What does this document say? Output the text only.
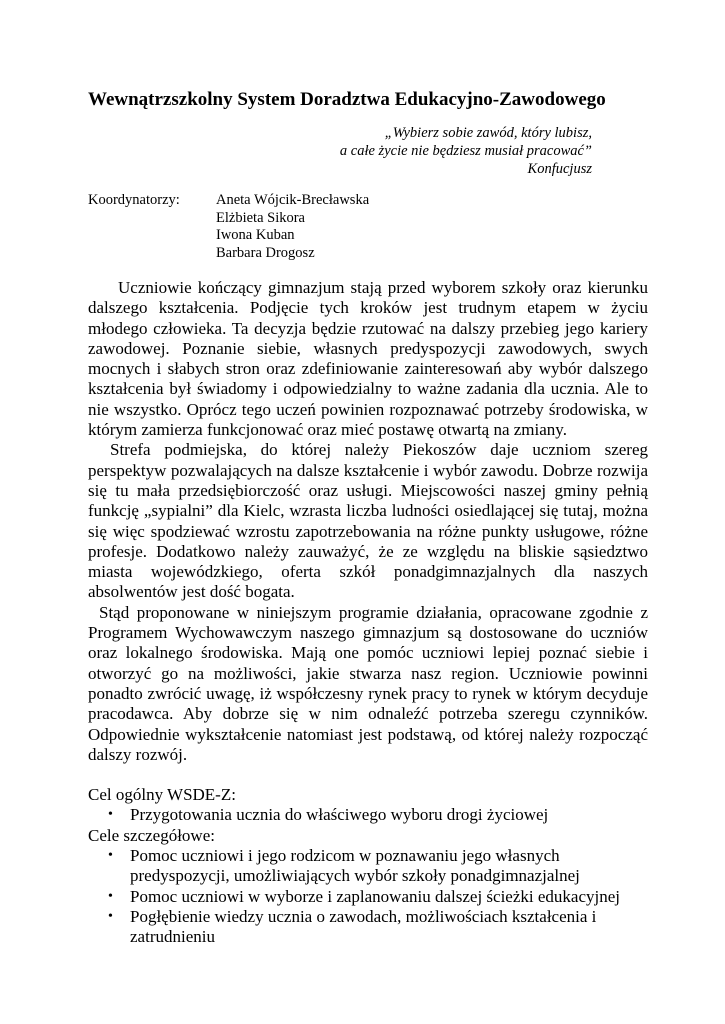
Wewnątrzszkolny System Doradztwa Edukacyjno-Zawodowego
„Wybierz sobie zawód, który lubisz,
a całe życie nie będziesz musiał pracować”
Konfucjusz
Koordynatorzy: Aneta Wójcik-Brecławska
Elżbieta Sikora
Iwona Kuban
Barbara Drogosz

Uczniowie kończący gimnazjum stają przed wyborem szkoły oraz kierunku dalszego kształcenia. Podjęcie tych kroków jest trudnym etapem w życiu młodego człowieka. Ta decyzja będzie rzutować na dalszy przebieg jego kariery zawodowej. Poznanie siebie, własnych predyspozycji zawodowych, swych mocnych i słabych stron oraz zdefiniowanie zainteresowań aby wybór dalszego kształcenia był świadomy i odpowiedzialny to ważne zadania dla ucznia. Ale to nie wszystko. Oprócz tego uczeń powinien rozpoznawać potrzeby środowiska, w którym zamierza funkcjonować oraz mieć postawę otwartą na zmiany.

Strefa podmiejska, do której należy Piekoszów daje uczniom szereg perspektyw pozwalających na dalsze kształcenie i wybór zawodu. Dobrze rozwija się tu mała przedsiębiorczość oraz usługi. Miejscowości naszej gminy pełnią funkcję „sypialni” dla Kielc, wzrasta liczba ludności osiedlającej się tutaj, można się więc spodziewać wzrostu zapotrzebowania na różne punkty usługowe, różne profesje. Dodatkowo należy zauważyć, że ze względu na bliskie sąsiedztwo miasta wojewódzkiego, oferta szkół ponadgimnazjalnych dla naszych absolwentów jest dość bogata.

Stąd proponowane w niniejszym programie działania, opracowane zgodnie z Programem Wychowawczym naszego gimnazjum są dostosowane do uczniów oraz lokalnego środowiska. Mają one pomóc uczniowi lepiej poznać siebie i otworzyć go na możliwości, jakie stwarza nasz region. Uczniowie powinni ponadto zwrócić uwagę, iż współczesny rynek pracy to rynek w którym decyduje pracodawca. Aby dobrze się w nim odnaleźć potrzeba szeregu czynników. Odpowiednie wykształcenie natomiast jest podstawą, od której należy rozpocząć dalszy rozwój.

Cel ogólny WSDE-Z:
• Przygotowania ucznia do właściwego wyboru drogi życiowej
Cele szczegółowe:
• Pomoc uczniowi i jego rodzicom w poznawaniu jego własnych predyspozycji, umożliwiających wybór szkoły ponadgimnazjalnej
• Pomoc uczniowi w wyborze i zaplanowaniu dalszej ścieżki edukacyjnej
• Pogłębienie wiedzy ucznia o zawodach, możliwościach kształcenia i zatrudnieniu
